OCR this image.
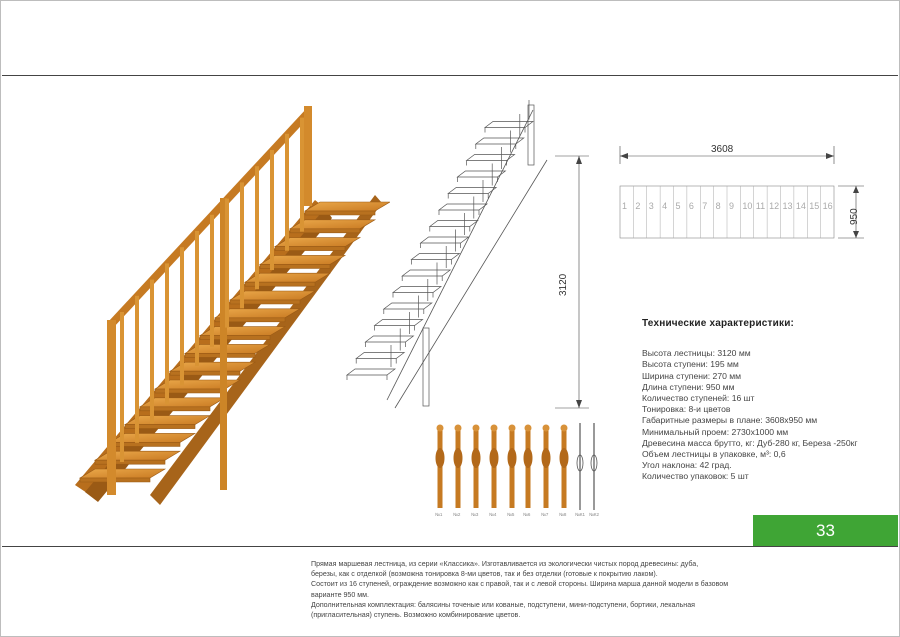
3120
3608
950
1 2 3 4 5 6 7 8 9 10 11 12 13 14 15 16
№1 №2 №3 №4 №5 №6 №7 №8 №К1 №К2
Технические характеристики:
Высота лестницы: 3120 мм
Высота ступени: 195 мм
Ширина ступени: 270 мм
Длина ступени: 950 мм
Количество ступеней: 16 шт
Тонировка: 8-и цветов
Габаритные размеры в плане: 3608х950 мм
Минимальный проем: 2730х1000 мм
Древесина масса брутто, кг: Дуб-280 кг, Береза -250кг
Объем лестницы в упаковке, м³: 0,6
Угол наклона: 42 град.
Количество упаковок: 5 шт
33

Прямая маршевая лестница, из серии «Классика». Изготавливается из экологически чистых пород древесины: дуба,

березы, как с отделкой (возможна тонировка 8-ми цветов, так и без отделки (готовые к покрытию лаком).

Состоит из 16 ступеней, ограждение возможно как с правой, так и с левой стороны. Ширина марша данной модели в базовом

варианте 950 мм.

Дополнительная комплектация: балясины точеные или кованые, подступени, мини-подступени, бортики, лекальная

(пригласительная) ступень. Возможно комбинирование цветов.
